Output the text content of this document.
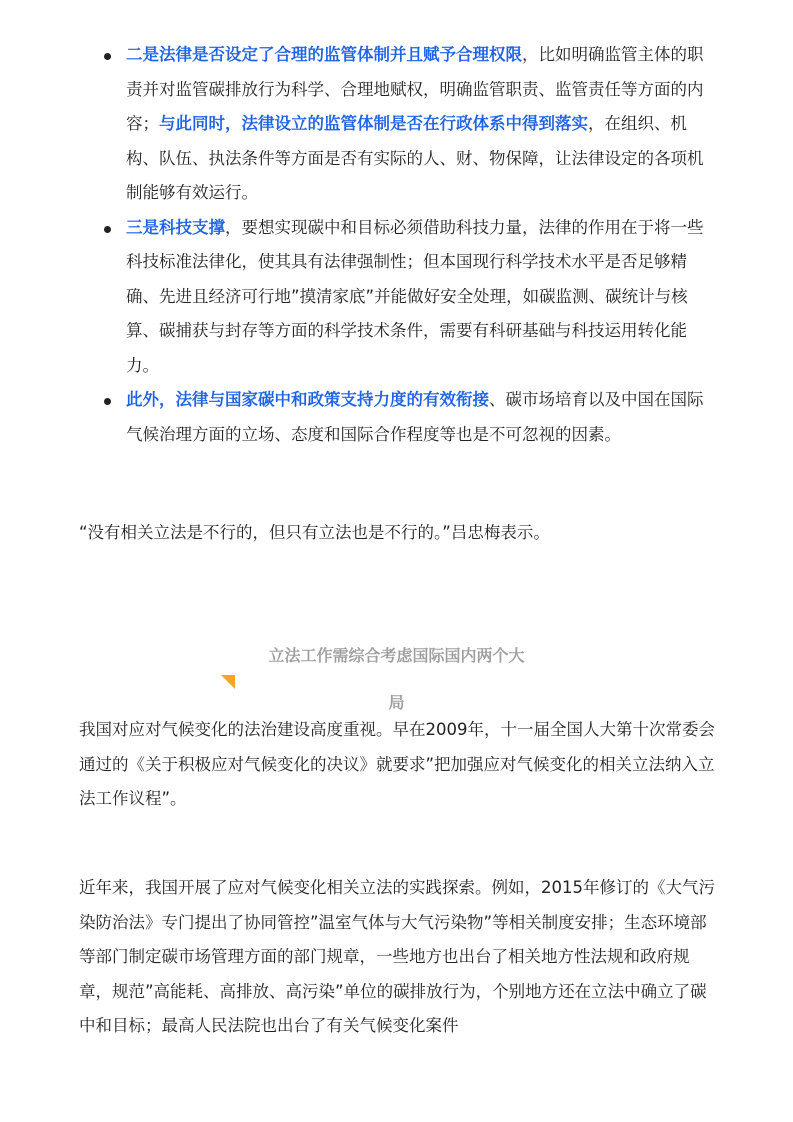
二是法律是否设定了合理的监管体制并且赋予合理权限，比如明确监管主体的职责并对监管碳排放行为科学、合理地赋权，明确监管职责、监管责任等方面的内容；与此同时，法律设立的监管体制是否在行政体系中得到落实，在组织、机构、队伍、执法条件等方面是否有实际的人、财、物保障，让法律设定的各项机制能够有效运行。
三是科技支撑，要想实现碳中和目标必须借助科技力量，法律的作用在于将一些科技标准法律化，使其具有法律强制性；但本国现行科学技术水平是否足够精确、先进且经济可行地”摸清家底”并能做好安全处理，如碳监测、碳统计与核算、碳捕获与封存等方面的科学技术条件，需要有科研基础与科技运用转化能力。
此外，法律与国家碳中和政策支持力度的有效衔接、碳市场培育以及中国在国际气候治理方面的立场、态度和国际合作程度等也是不可忽视的因素。

“没有相关立法是不行的，但只有立法也是不行的。”吕忠梅表示。

立法工作需综合考虑国际国内两个大

局

我国对应对气候变化的法治建设高度重视。早在2009年，十一届全国人大第十次常委会通过的《关于积极应对气候变化的决议》就要求”把加强应对气候变化的相关立法纳入立法工作议程”。

近年来，我国开展了应对气候变化相关立法的实践探索。例如，2015年修订的《大气污染防治法》专门提出了协同管控”温室气体与大气污染物”等相关制度安排；生态环境部等部门制定碳市场管理方面的部门规章，一些地方也出台了相关地方性法规和政府规章，规范”高能耗、高排放、高污染”单位的碳排放行为，个别地方还在立法中确立了碳中和目标；最高人民法院也出台了有关气候变化案件
